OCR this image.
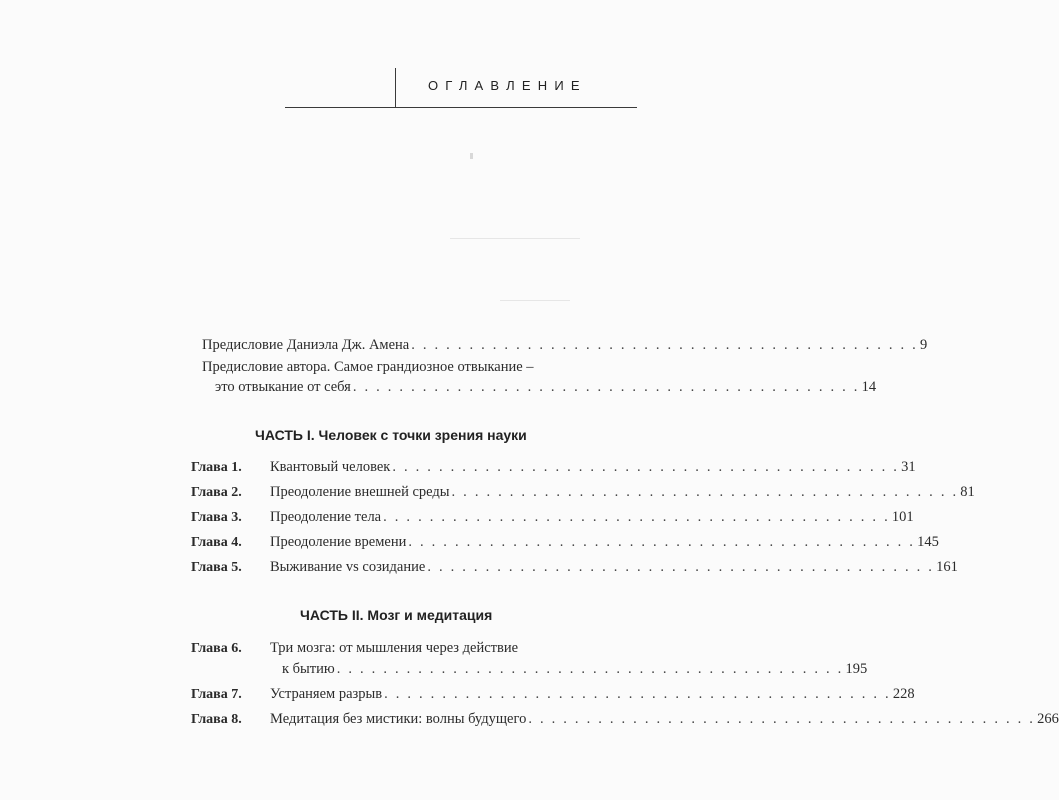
ОГЛАВЛЕНИЕ
Предисловие Даниэла Дж. Амена . . . . . . . . . . . . . . . . . . . . . . . . . . . . . . . . . . . . . . . . . . . . 9
Предисловие автора. Самое грандиозное отвыкание –
это отвыкание от себя . . . . . . . . . . . . . . . . . . . . . . . . . . . . . . . . . . . . . . . . . . . . 14
ЧАСТЬ I. Человек с точки зрения науки
Глава 1. Квантовый человек . . . . . . . . . . . . . . . . . . . . . . . . . . . . . . . . . . . . . . . . . . . . 31
Глава 2. Преодоление внешней среды . . . . . . . . . . . . . . . . . . . . . . . . . . . . . . . . . . . . . . . . . . . . 81
Глава 3. Преодоление тела . . . . . . . . . . . . . . . . . . . . . . . . . . . . . . . . . . . . . . . . . . . . 101
Глава 4. Преодоление времени . . . . . . . . . . . . . . . . . . . . . . . . . . . . . . . . . . . . . . . . . . . . 145
Глава 5. Выживание vs созидание . . . . . . . . . . . . . . . . . . . . . . . . . . . . . . . . . . . . . . . . . . . . 161
ЧАСТЬ II. Мозг и медитация
Глава 6. Три мозга: от мышления через действие
к бытию . . . . . . . . . . . . . . . . . . . . . . . . . . . . . . . . . . . . . . . . . . . . 195
Глава 7. Устраняем разрыв . . . . . . . . . . . . . . . . . . . . . . . . . . . . . . . . . . . . . . . . . . . . 228
Глава 8. Медитация без мистики: волны будущего . . . . . . . . . . . . . . . . . . . . . . . . . . . . . . . . . . . . . . . . . . . . 266
